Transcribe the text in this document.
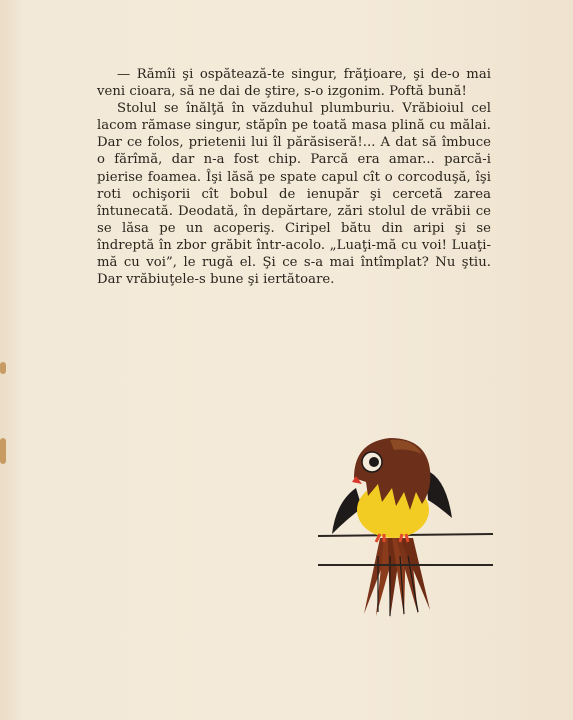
— Rămîi şi ospătează-te singur, frăţioare, şi de-o mai veni cioara, să ne dai de ştire, s-o izgonim. Poftă bună!

Stolul se înălţă în văzduhul plumburiu. Vrăbioiul cel lacom rămase singur, stăpîn pe toată masa plină cu mălai. Dar ce folos, prietenii lui îl părăsiseră!... A dat să îmbuce o fărîmă, dar n-a fost chip. Parcă era amar... parcă-i pierise foamea. Îşi lăsă pe spate capul cît o corcoduşă, îşi roti ochişorii cît bobul de ienupăr şi cercetă zarea întunecată. Deodată, în depărtare, zări stolul de vrăbii ce se lăsa pe un acoperiş. Ciripel bătu din aripi şi se îndreptă în zbor grăbit într-acolo. „Luaţi-mă cu voi! Luaţi-mă cu voi”, le rugă el. Şi ce s-a mai întîmplat? Nu ştiu. Dar vrăbiuţele-s bune şi iertătoare.
